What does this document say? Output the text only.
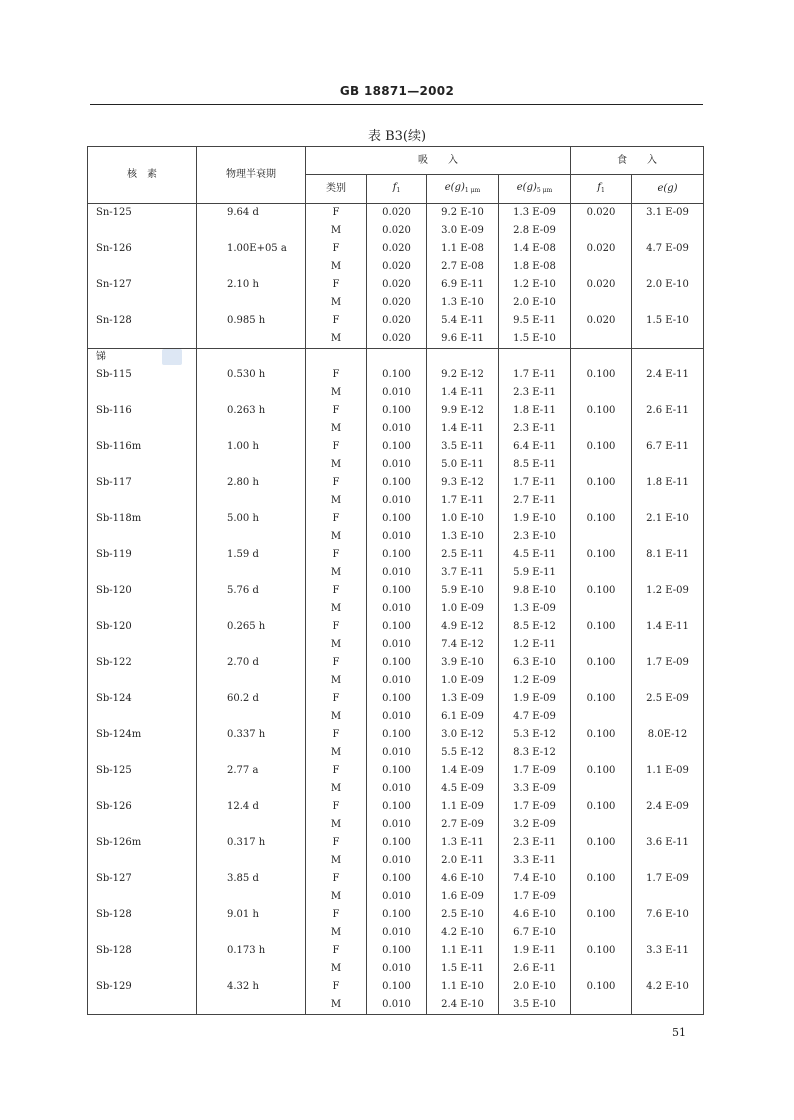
GB 18871—2002
表 B3(续)
核　素	物理半衰期	吸　　入				食　　入	
		类别	$f_1$	$e(g)_{1 \mu m}$	$e(g)_{5 \mu m}$	$f_1$	e(g)
Sn-125	9.64 d	F	0.020	9.2 E-10	1.3 E-09	0.020	3.1 E-09
		M	0.020	3.0 E-09	2.8 E-09		
Sn-126	1.00E+05 a	F	0.020	1.1 E-08	1.4 E-08	0.020	4.7 E-09
		M	0.020	2.7 E-08	1.8 E-08		
Sn-127	2.10 h	F	0.020	6.9 E-11	1.2 E-10	0.020	2.0 E-10
		M	0.020	1.3 E-10	2.0 E-10		
Sn-128	0.985 h	F	0.020	5.4 E-11	9.5 E-11	0.020	1.5 E-10
		M	0.020	9.6 E-11	1.5 E-10		
锑							
Sb-115	0.530 h	F	0.100	9.2 E-12	1.7 E-11	0.100	2.4 E-11
		M	0.010	1.4 E-11	2.3 E-11		
Sb-116	0.263 h	F	0.100	9.9 E-12	1.8 E-11	0.100	2.6 E-11
		M	0.010	1.4 E-11	2.3 E-11		
Sb-116m	1.00 h	F	0.100	3.5 E-11	6.4 E-11	0.100	6.7 E-11
		M	0.010	5.0 E-11	8.5 E-11		
Sb-117	2.80 h	F	0.100	9.3 E-12	1.7 E-11	0.100	1.8 E-11
		M	0.010	1.7 E-11	2.7 E-11		
Sb-118m	5.00 h	F	0.100	1.0 E-10	1.9 E-10	0.100	2.1 E-10
		M	0.010	1.3 E-10	2.3 E-10		
Sb-119	1.59 d	F	0.100	2.5 E-11	4.5 E-11	0.100	8.1 E-11
		M	0.010	3.7 E-11	5.9 E-11		
Sb-120	5.76 d	F	0.100	5.9 E-10	9.8 E-10	0.100	1.2 E-09
		M	0.010	1.0 E-09	1.3 E-09		
Sb-120	0.265 h	F	0.100	4.9 E-12	8.5 E-12	0.100	1.4 E-11
		M	0.010	7.4 E-12	1.2 E-11		
Sb-122	2.70 d	F	0.100	3.9 E-10	6.3 E-10	0.100	1.7 E-09
		M	0.010	1.0 E-09	1.2 E-09		
Sb-124	60.2 d	F	0.100	1.3 E-09	1.9 E-09	0.100	2.5 E-09
		M	0.010	6.1 E-09	4.7 E-09		
Sb-124m	0.337 h	F	0.100	3.0 E-12	5.3 E-12	0.100	8.0E-12
		M	0.010	5.5 E-12	8.3 E-12		
Sb-125	2.77 a	F	0.100	1.4 E-09	1.7 E-09	0.100	1.1 E-09
		M	0.010	4.5 E-09	3.3 E-09		
Sb-126	12.4 d	F	0.100	1.1 E-09	1.7 E-09	0.100	2.4 E-09
		M	0.010	2.7 E-09	3.2 E-09		
Sb-126m	0.317 h	F	0.100	1.3 E-11	2.3 E-11	0.100	3.6 E-11
		M	0.010	2.0 E-11	3.3 E-11		
Sb-127	3.85 d	F	0.100	4.6 E-10	7.4 E-10	0.100	1.7 E-09
		M	0.010	1.6 E-09	1.7 E-09		
Sb-128	9.01 h	F	0.100	2.5 E-10	4.6 E-10	0.100	7.6 E-10
		M	0.010	4.2 E-10	6.7 E-10		
Sb-128	0.173 h	F	0.100	1.1 E-11	1.9 E-11	0.100	3.3 E-11
		M	0.010	1.5 E-11	2.6 E-11		
Sb-129	4.32 h	F	0.100	1.1 E-10	2.0 E-10	0.100	4.2 E-10
		M	0.010	2.4 E-10	3.5 E-10		
51
